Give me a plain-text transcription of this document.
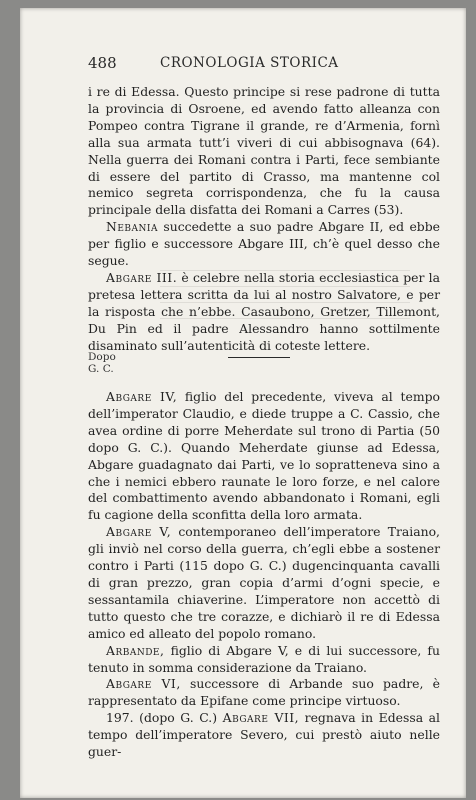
488	CRONOLOGIA STORICA

i re di Edessa. Questo principe si rese padrone di tutta la provincia di Osroene, ed avendo fatto alleanza con Pompeo contra Tigrane il grande, re d’Armenia, fornì alla sua armata tutt’i viveri di cui abbisognava (64). Nella guerra dei Romani contra i Parti, fece sembiante di essere del partito di Crasso, ma mantenne col nemico segreta corrispondenza, che fu la causa principale della disfatta dei Romani a Carres (53).

Nebania succedette a suo padre Abgare II, ed ebbe per figlio e successore Abgare III, ch’è quel desso che segue.

Abgare III. è celebre nella storia ecclesiastica per la pretesa lettera scritta da lui al nostro Salvatore, e per la risposta che n’ebbe. Casaubono, Gretzer, Tillemont, Du Pin ed il padre Alessandro hanno sottilmente disaminato sull’autenticità di coteste lettere.

Dopo
G. C.

Abgare IV, figlio del precedente, viveva al tempo dell’imperator Claudio, e diede truppe a C. Cassio, che avea ordine di porre Meherdate sul trono di Partia (50 dopo G. C.). Quando Meherdate giunse ad Edessa, Abgare guadagnato dai Parti, ve lo sopratteneva sino a che i nemici ebbero raunate le loro forze, e nel calore del combattimento avendo abbandonato i Romani, egli fu cagione della sconfitta della loro armata.

Abgare V, contemporaneo dell’imperatore Traiano, gli inviò nel corso della guerra, ch’egli ebbe a sostener contro i Parti (115 dopo G. C.) dugencinquanta cavalli di gran prezzo, gran copia d’armi d’ogni specie, e sessantamila chiaverine. L’imperatore non accettò di tutto questo che tre corazze, e dichiarò il re di Edessa amico ed alleato del popolo romano.

Arbande, figlio di Abgare V, e di lui successore, fu tenuto in somma considerazione da Traiano.

Abgare VI, successore di Arbande suo padre, è rappresentato da Epifane come principe virtuoso.

197. (dopo G. C.) Abgare VII, regnava in Edessa al tempo dell’imperatore Severo, cui prestò aiuto nelle guer-
